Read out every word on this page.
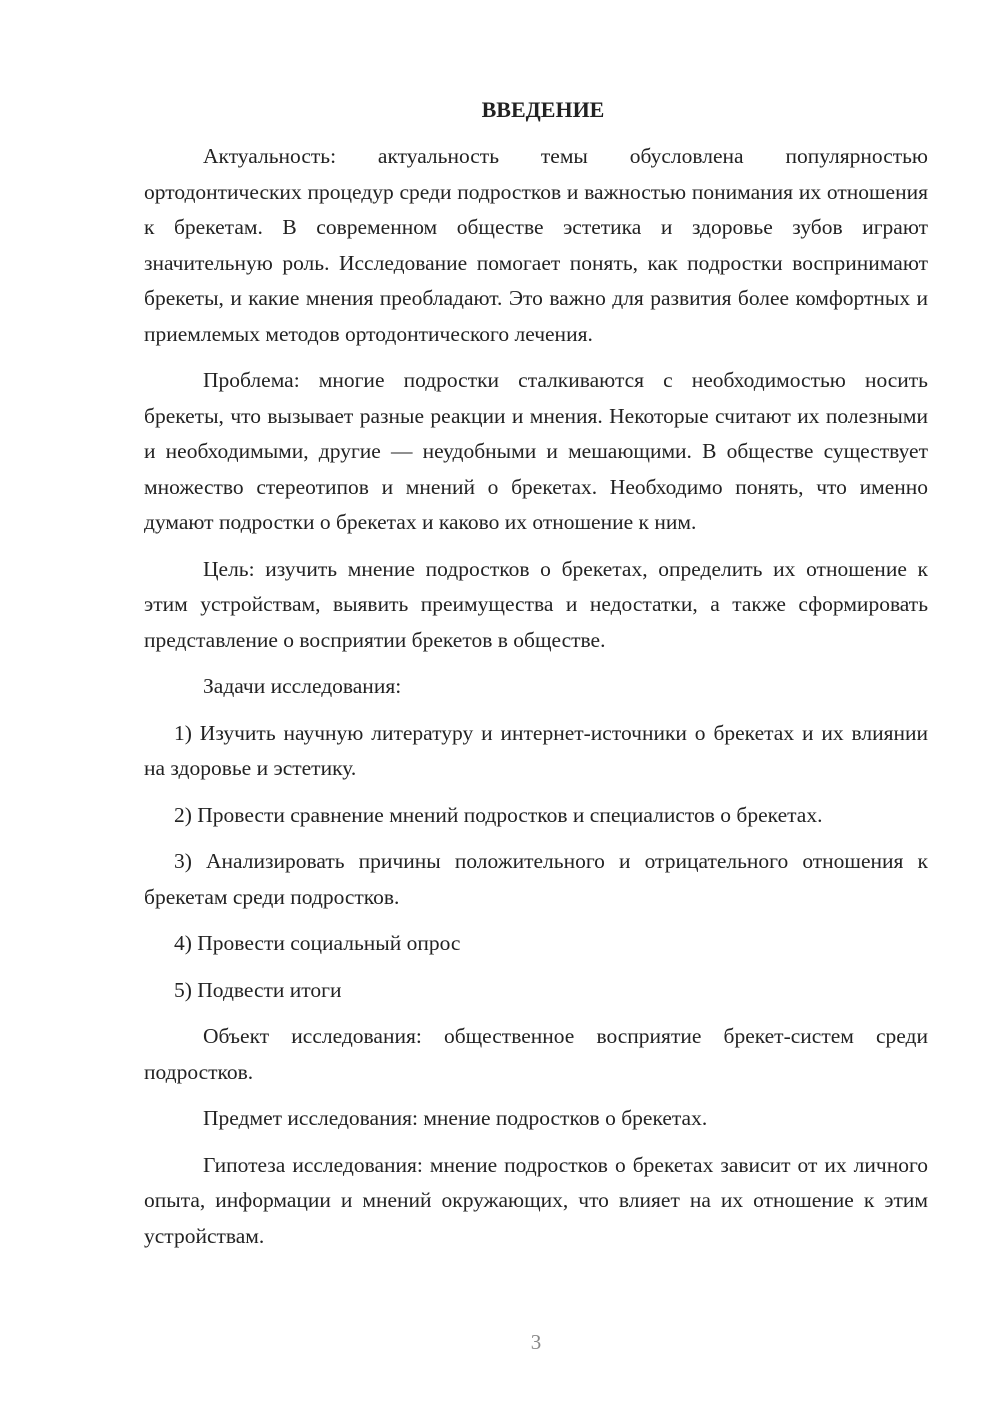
ВВЕДЕНИЕ

Актуальность: актуальность темы обусловлена популярностью ортодонтических процедур среди подростков и важностью понимания их отношения к брекетам. В современном обществе эстетика и здоровье зубов играют значительную роль. Исследование помогает понять, как подростки воспринимают брекеты, и какие мнения преобладают. Это важно для развития более комфортных и приемлемых методов ортодонтического лечения.

Проблема: многие подростки сталкиваются с необходимостью носить брекеты, что вызывает разные реакции и мнения. Некоторые считают их полезными и необходимыми, другие — неудобными и мешающими. В обществе существует множество стереотипов и мнений о брекетах. Необходимо понять, что именно думают подростки о брекетах и каково их отношение к ним.

Цель: изучить мнение подростков о брекетах, определить их отношение к этим устройствам, выявить преимущества и недостатки, а также сформировать представление о восприятии брекетов в обществе.

Задачи исследования:

1) Изучить научную литературу и интернет-источники о брекетах и их влиянии на здоровье и эстетику.

2) Провести сравнение мнений подростков и специалистов о брекетах.

3) Анализировать причины положительного и отрицательного отношения к брекетам среди подростков.

4) Провести социальный опрос

5) Подвести итоги

Объект исследования: общественное восприятие брекет-систем среди подростков.

Предмет исследования: мнение подростков о брекетах.

Гипотеза исследования: мнение подростков о брекетах зависит от их личного опыта, информации и мнений окружающих, что влияет на их отношение к этим устройствам.

3
